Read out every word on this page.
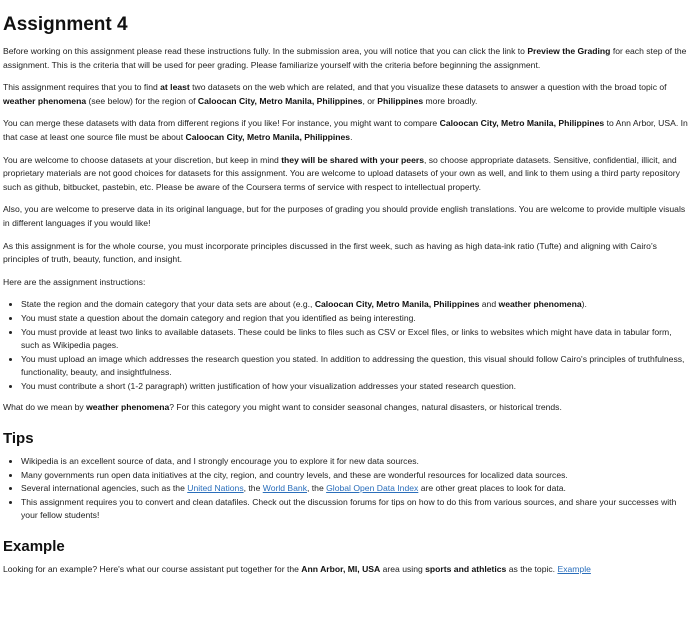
Assignment 4

Before working on this assignment please read these instructions fully. In the submission area, you will notice that you can click the link to Preview the Grading for each step of the assignment. This is the criteria that will be used for peer grading. Please familiarize yourself with the criteria before beginning the assignment.

This assignment requires that you to find at least two datasets on the web which are related, and that you visualize these datasets to answer a question with the broad topic of weather phenomena (see below) for the region of Caloocan City, Metro Manila, Philippines, or Philippines more broadly.

You can merge these datasets with data from different regions if you like! For instance, you might want to compare Caloocan City, Metro Manila, Philippines to Ann Arbor, USA. In that case at least one source file must be about Caloocan City, Metro Manila, Philippines.

You are welcome to choose datasets at your discretion, but keep in mind they will be shared with your peers, so choose appropriate datasets. Sensitive, confidential, illicit, and proprietary materials are not good choices for datasets for this assignment. You are welcome to upload datasets of your own as well, and link to them using a third party repository such as github, bitbucket, pastebin, etc. Please be aware of the Coursera terms of service with respect to intellectual property.

Also, you are welcome to preserve data in its original language, but for the purposes of grading you should provide english translations. You are welcome to provide multiple visuals in different languages if you would like!

As this assignment is for the whole course, you must incorporate principles discussed in the first week, such as having as high data-ink ratio (Tufte) and aligning with Cairo’s principles of truth, beauty, function, and insight.

Here are the assignment instructions:

• State the region and the domain category that your data sets are about (e.g., Caloocan City, Metro Manila, Philippines and weather phenomena).
• You must state a question about the domain category and region that you identified as being interesting.
• You must provide at least two links to available datasets. These could be links to files such as CSV or Excel files, or links to websites which might have data in tabular form, such as Wikipedia pages.
• You must upload an image which addresses the research question you stated. In addition to addressing the question, this visual should follow Cairo's principles of truthfulness, functionality, beauty, and insightfulness.
• You must contribute a short (1-2 paragraph) written justification of how your visualization addresses your stated research question.

What do we mean by weather phenomena? For this category you might want to consider seasonal changes, natural disasters, or historical trends.

Tips
• Wikipedia is an excellent source of data, and I strongly encourage you to explore it for new data sources.
• Many governments run open data initiatives at the city, region, and country levels, and these are wonderful resources for localized data sources.
• Several international agencies, such as the United Nations, the World Bank, the Global Open Data Index are other great places to look for data.
• This assignment requires you to convert and clean datafiles. Check out the discussion forums for tips on how to do this from various sources, and share your successes with your fellow students!
Example

Looking for an example? Here's what our course assistant put together for the Ann Arbor, MI, USA area using sports and athletics as the topic. Example
